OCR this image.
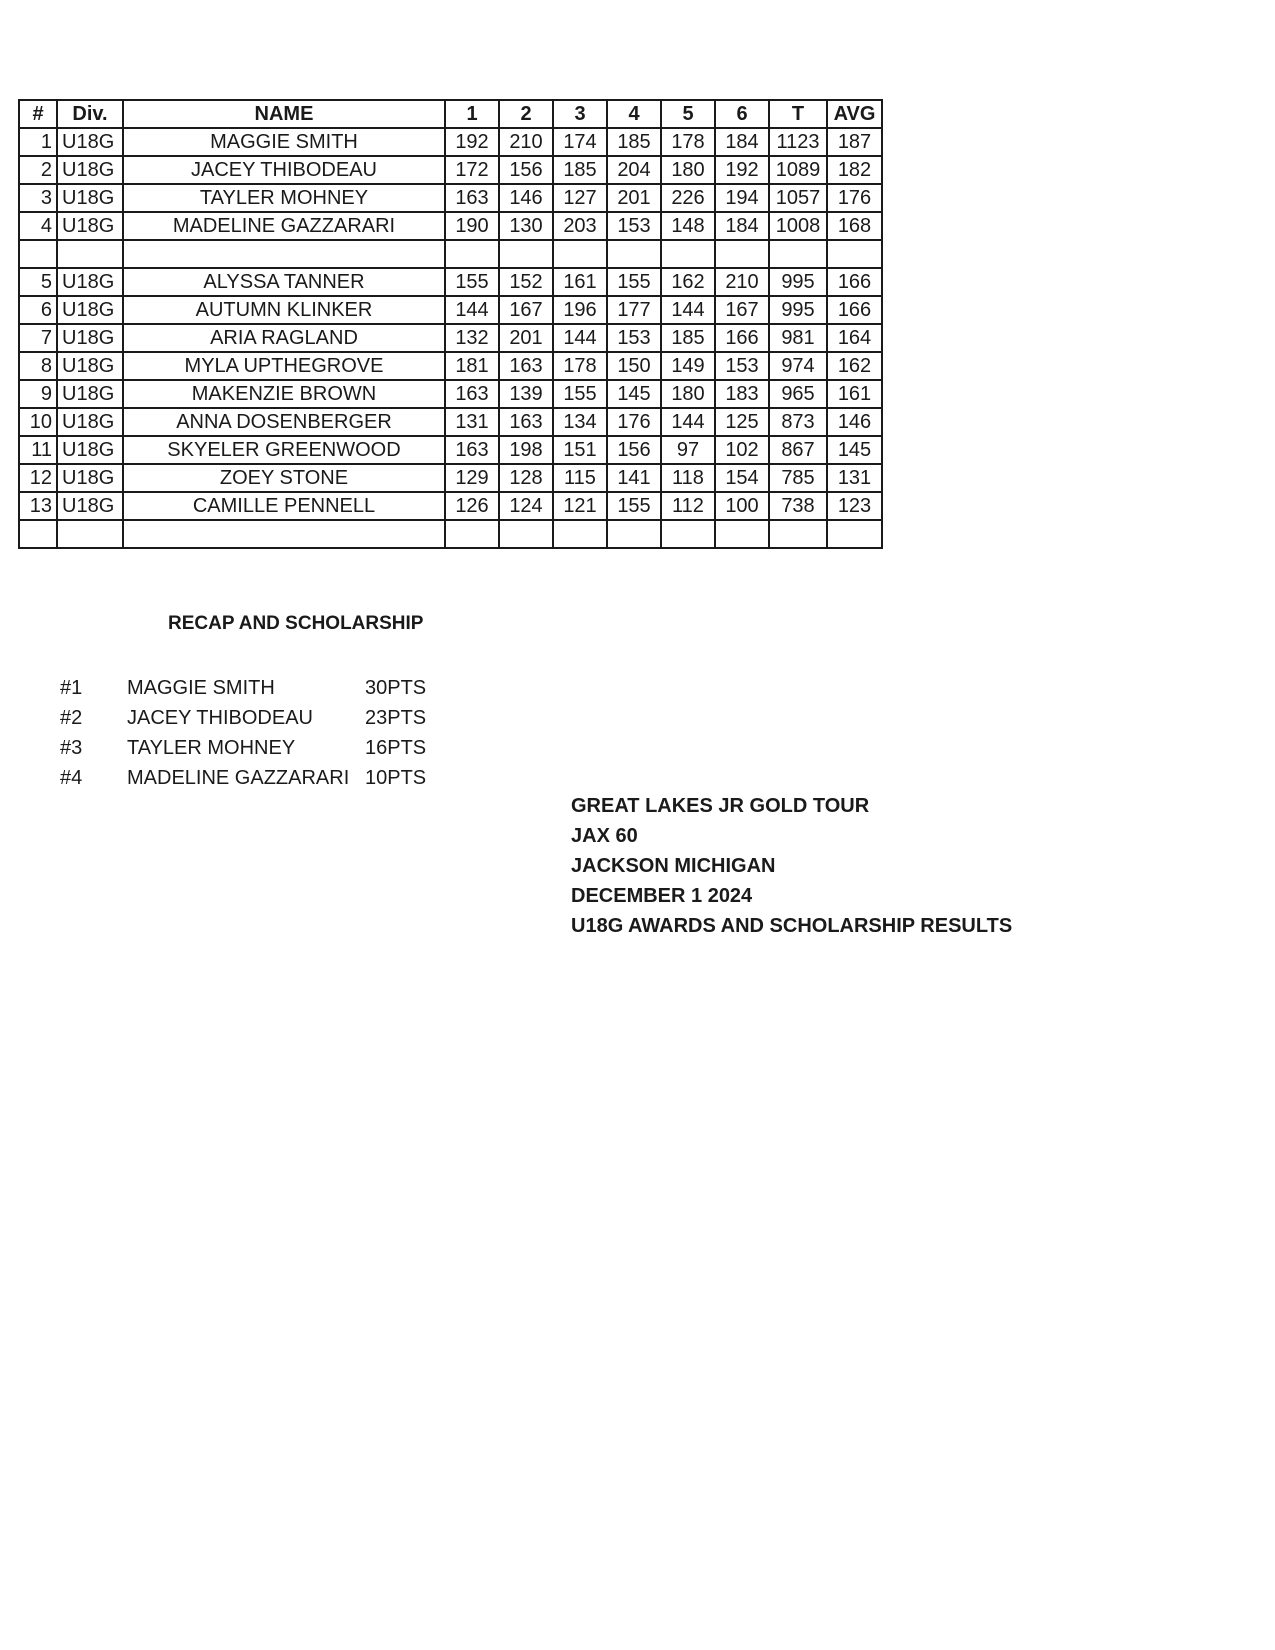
#	Div.	NAME	1	2	3	4	5	6	T	AVG
1	U18G	MAGGIE SMITH	192	210	174	185	178	184	1123	187
2	U18G	JACEY THIBODEAU	172	156	185	204	180	192	1089	182
3	U18G	TAYLER MOHNEY	163	146	127	201	226	194	1057	176
4	U18G	MADELINE GAZZARARI	190	130	203	153	148	184	1008	168

5	U18G	ALYSSA TANNER	155	152	161	155	162	210	995	166
6	U18G	AUTUMN KLINKER	144	167	196	177	144	167	995	166
7	U18G	ARIA RAGLAND	132	201	144	153	185	166	981	164
8	U18G	MYLA UPTHEGROVE	181	163	178	150	149	153	974	162
9	U18G	MAKENZIE BROWN	163	139	155	145	180	183	965	161
10	U18G	ANNA DOSENBERGER	131	163	134	176	144	125	873	146
11	U18G	SKYELER GREENWOOD	163	198	151	156	97	102	867	145
12	U18G	ZOEY STONE	129	128	115	141	118	154	785	131
13	U18G	CAMILLE PENNELL	126	124	121	155	112	100	738	123

RECAP AND SCHOLARSHIP
#1	MAGGIE SMITH	30PTS
#2	JACEY THIBODEAU	23PTS
#3	TAYLER MOHNEY	16PTS
#4	MADELINE GAZZARARI 10PTS
GREAT LAKES JR GOLD TOUR
JAX 60
JACKSON MICHIGAN
DECEMBER 1 2024
U18G AWARDS AND SCHOLARSHIP RESULTS
